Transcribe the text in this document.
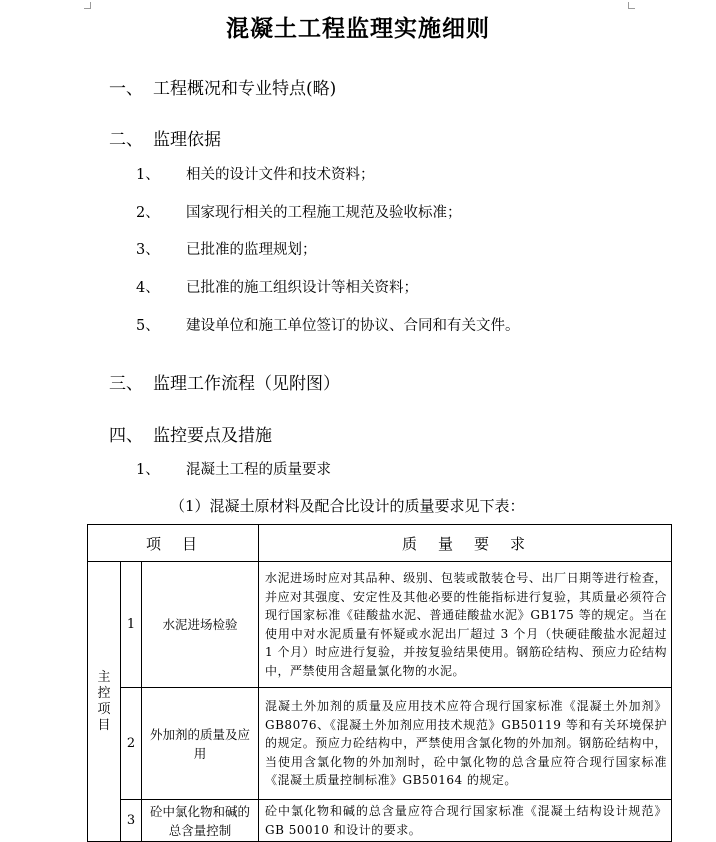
混凝土工程监理实施细则
一、 工程概况和专业特点(略)
二、 监理依据
1、 相关的设计文件和技术资料；
2、 国家现行相关的工程施工规范及验收标准；
3、 已批准的监理规划；
4、 已批准的施工组织设计等相关资料；
5、 建设单位和施工单位签订的协议、合同和有关文件。
三、 监理工作流程（见附图）
四、 监控要点及措施
1、 混凝土工程的质量要求
（1）混凝土原材料及配合比设计的质量要求见下表：
项　目			质　量　要　求
主控项目	1	水泥进场检验	水泥进场时应对其品种、级别、包装或散装仓号、出厂日期等进行检查，并应对其强度、安定性及其他必要的性能指标进行复验，其质量必须符合现行国家标准《硅酸盐水泥、普通硅酸盐水泥》GB175 等的规定。当在使用中对水泥质量有怀疑或水泥出厂超过 3 个月（快硬硅酸盐水泥超过 1 个月）时应进行复验，并按复验结果使用。钢筋砼结构、预应力砼结构中，严禁使用含超量氯化物的水泥。
	2	外加剂的质量及应用	混凝土外加剂的质量及应用技术应符合现行国家标准《混凝土外加剂》GB8076、《混凝土外加剂应用技术规范》GB50119 等和有关环境保护的规定。预应力砼结构中，严禁使用含氯化物的外加剂。钢筋砼结构中，当使用含氯化物的外加剂时，砼中氯化物的总含量应符合现行国家标准《混凝土质量控制标准》GB50164 的规定。
	3	砼中氯化物和碱的总含量控制	砼中氯化物和碱的总含量应符合现行国家标准《混凝土结构设计规范》GB 50010 和设计的要求。
